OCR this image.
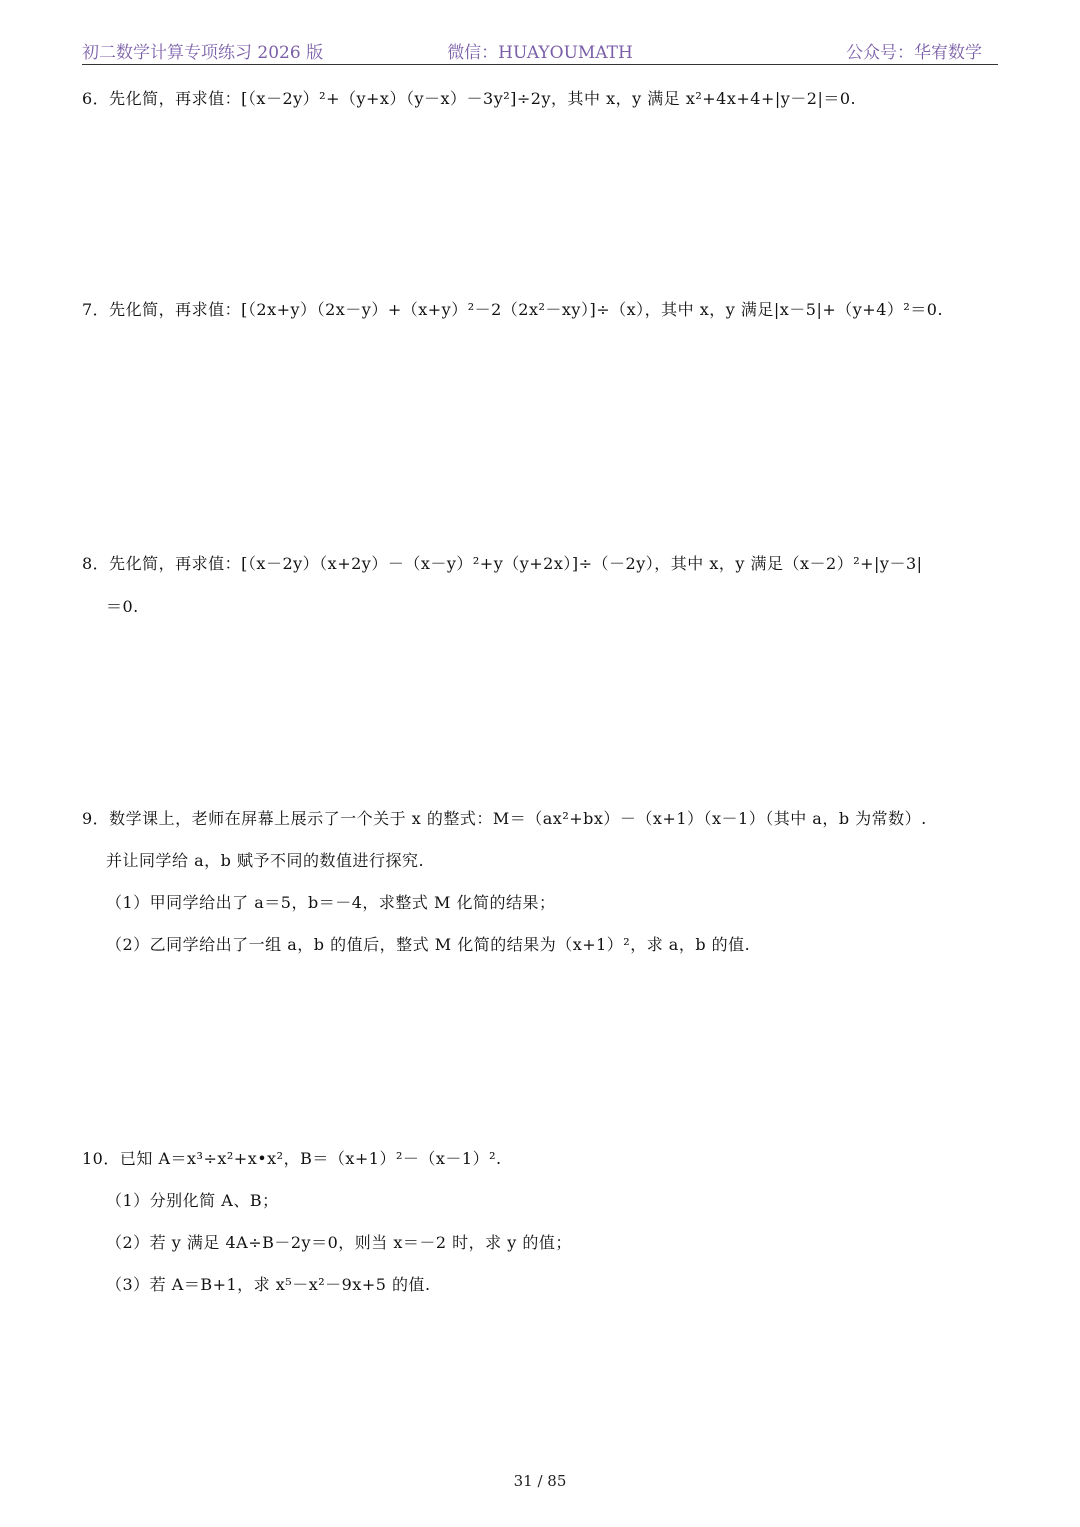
初二数学计算专项练习 2026 版	微信：HUAYOUMATH	公众号：华宥数学
6．先化简，再求值：[（x－2y）²+（y+x）（y－x）－3y²]÷2y，其中 x，y 满足 x²+4x+4+|y－2|＝0.
7．先化简，再求值：[（2x+y）（2x－y）+（x+y）²－2（2x²－xy）]÷（x），其中 x，y 满足|x－5|+（y+4）²＝0.
8．先化简，再求值：[（x－2y）（x+2y）－（x－y）²+y（y+2x）]÷（－2y），其中 x，y 满足（x－2）²+|y－3|
＝0.
9．数学课上，老师在屏幕上展示了一个关于 x 的整式：M＝（ax²+bx）－（x+1）（x－1）（其中 a，b 为常数）.
并让同学给 a，b 赋予不同的数值进行探究.
（1）甲同学给出了 a＝5，b＝－4，求整式 M 化简的结果；
（2）乙同学给出了一组 a，b 的值后，整式 M 化简的结果为（x+1）²，求 a，b 的值.
10．已知 A＝x³÷x²+x•x²，B＝（x+1）²－（x－1）².
（1）分别化简 A、B；
（2）若 y 满足 4A÷B－2y＝0，则当 x＝－2 时，求 y 的值；
（3）若 A＝B+1，求 x⁵－x²－9x+5 的值.
31 / 85
